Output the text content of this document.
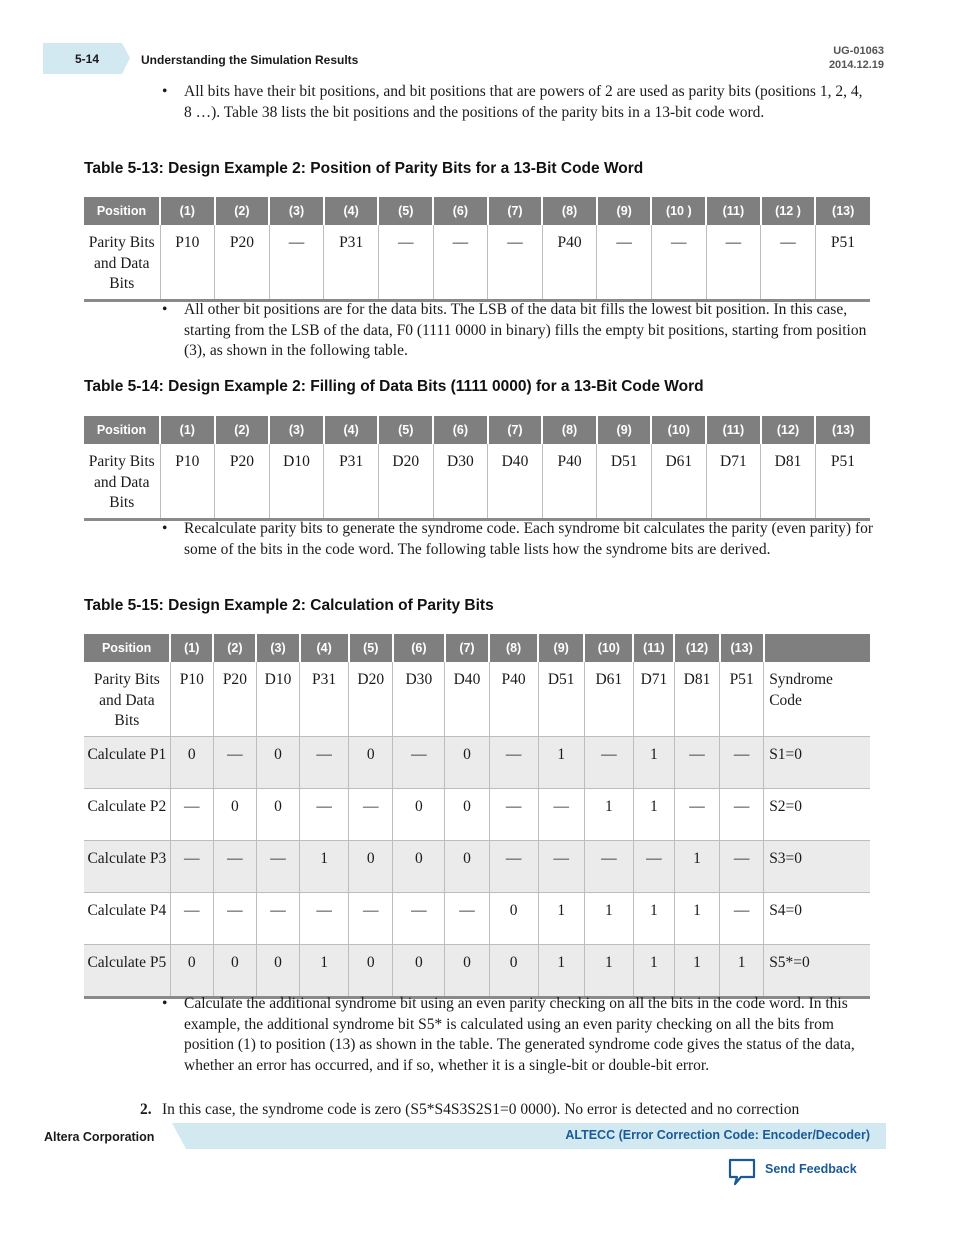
5-14	Understanding the Simulation Results
UG-01063
2014.12.19
• All bits have their bit positions, and bit positions that are powers of 2 are used as parity bits (positions 1, 2, 4, 8 …). Table 38 lists the bit positions and the positions of the parity bits in a 13-bit code word.
Table 5-13: Design Example 2: Position of Parity Bits for a 13-Bit Code Word
Position	(1)	(2)	(3)	(4)	(5)	(6)	(7)	(8)	(9)	(10 )	(11)	(12 )	(13)
Parity Bits and Data Bits	P10	P20	—	P31	—	—	—	P40	—	—	—	—	P51
• All other bit positions are for the data bits. The LSB of the data bit fills the lowest bit position. In this case, starting from the LSB of the data, F0 (1111 0000 in binary) fills the empty bit positions, starting from position (3), as shown in the following table.
Table 5-14: Design Example 2: Filling of Data Bits (1111 0000) for a 13-Bit Code Word
Position	(1)	(2)	(3)	(4)	(5)	(6)	(7)	(8)	(9)	(10)	(11)	(12)	(13)
Parity Bits and Data Bits	P10	P20	D10	P31	D20	D30	D40	P40	D51	D61	D71	D81	P51
• Recalculate parity bits to generate the syndrome code. Each syndrome bit calculates the parity (even parity) for some of the bits in the code word. The following table lists how the syndrome bits are derived.
Table 5-15: Design Example 2: Calculation of Parity Bits
Position	(1)	(2)	(3)	(4)	(5)	(6)	(7)	(8)	(9)	(10)	(11)	(12)	(13)	
Parity Bits and Data Bits	P10	P20	D10	P31	D20	D30	D40	P40	D51	D61	D71	D81	P51	Syndrome Code
Calculate P1	0	—	0	—	0	—	0	—	1	—	1	—	—	S1=0
Calculate P2	—	0	0	—	—	0	0	—	—	1	1	—	—	S2=0
Calculate P3	—	—	—	1	0	0	0	—	—	—	—	1	—	S3=0
Calculate P4	—	—	—	—	—	—	—	0	1	1	1	1	—	S4=0
Calculate P5	0	0	0	1	0	0	0	0	1	1	1	1	1	S5*=0
• Calculate the additional syndrome bit using an even parity checking on all the bits in the code word. In this example, the additional syndrome bit S5* is calculated using an even parity checking on all the bits from position (1) to position (13) as shown in the table. The generated syndrome code gives the status of the data, whether an error has occurred, and if so, whether it is a single-bit or double-bit error.
2. In this case, the syndrome code is zero (S5*S4S3S2S1=0 0000). No error is detected and no correction
Altera Corporation	ALTECC (Error Correction Code: Encoder/Decoder)
Send Feedback
